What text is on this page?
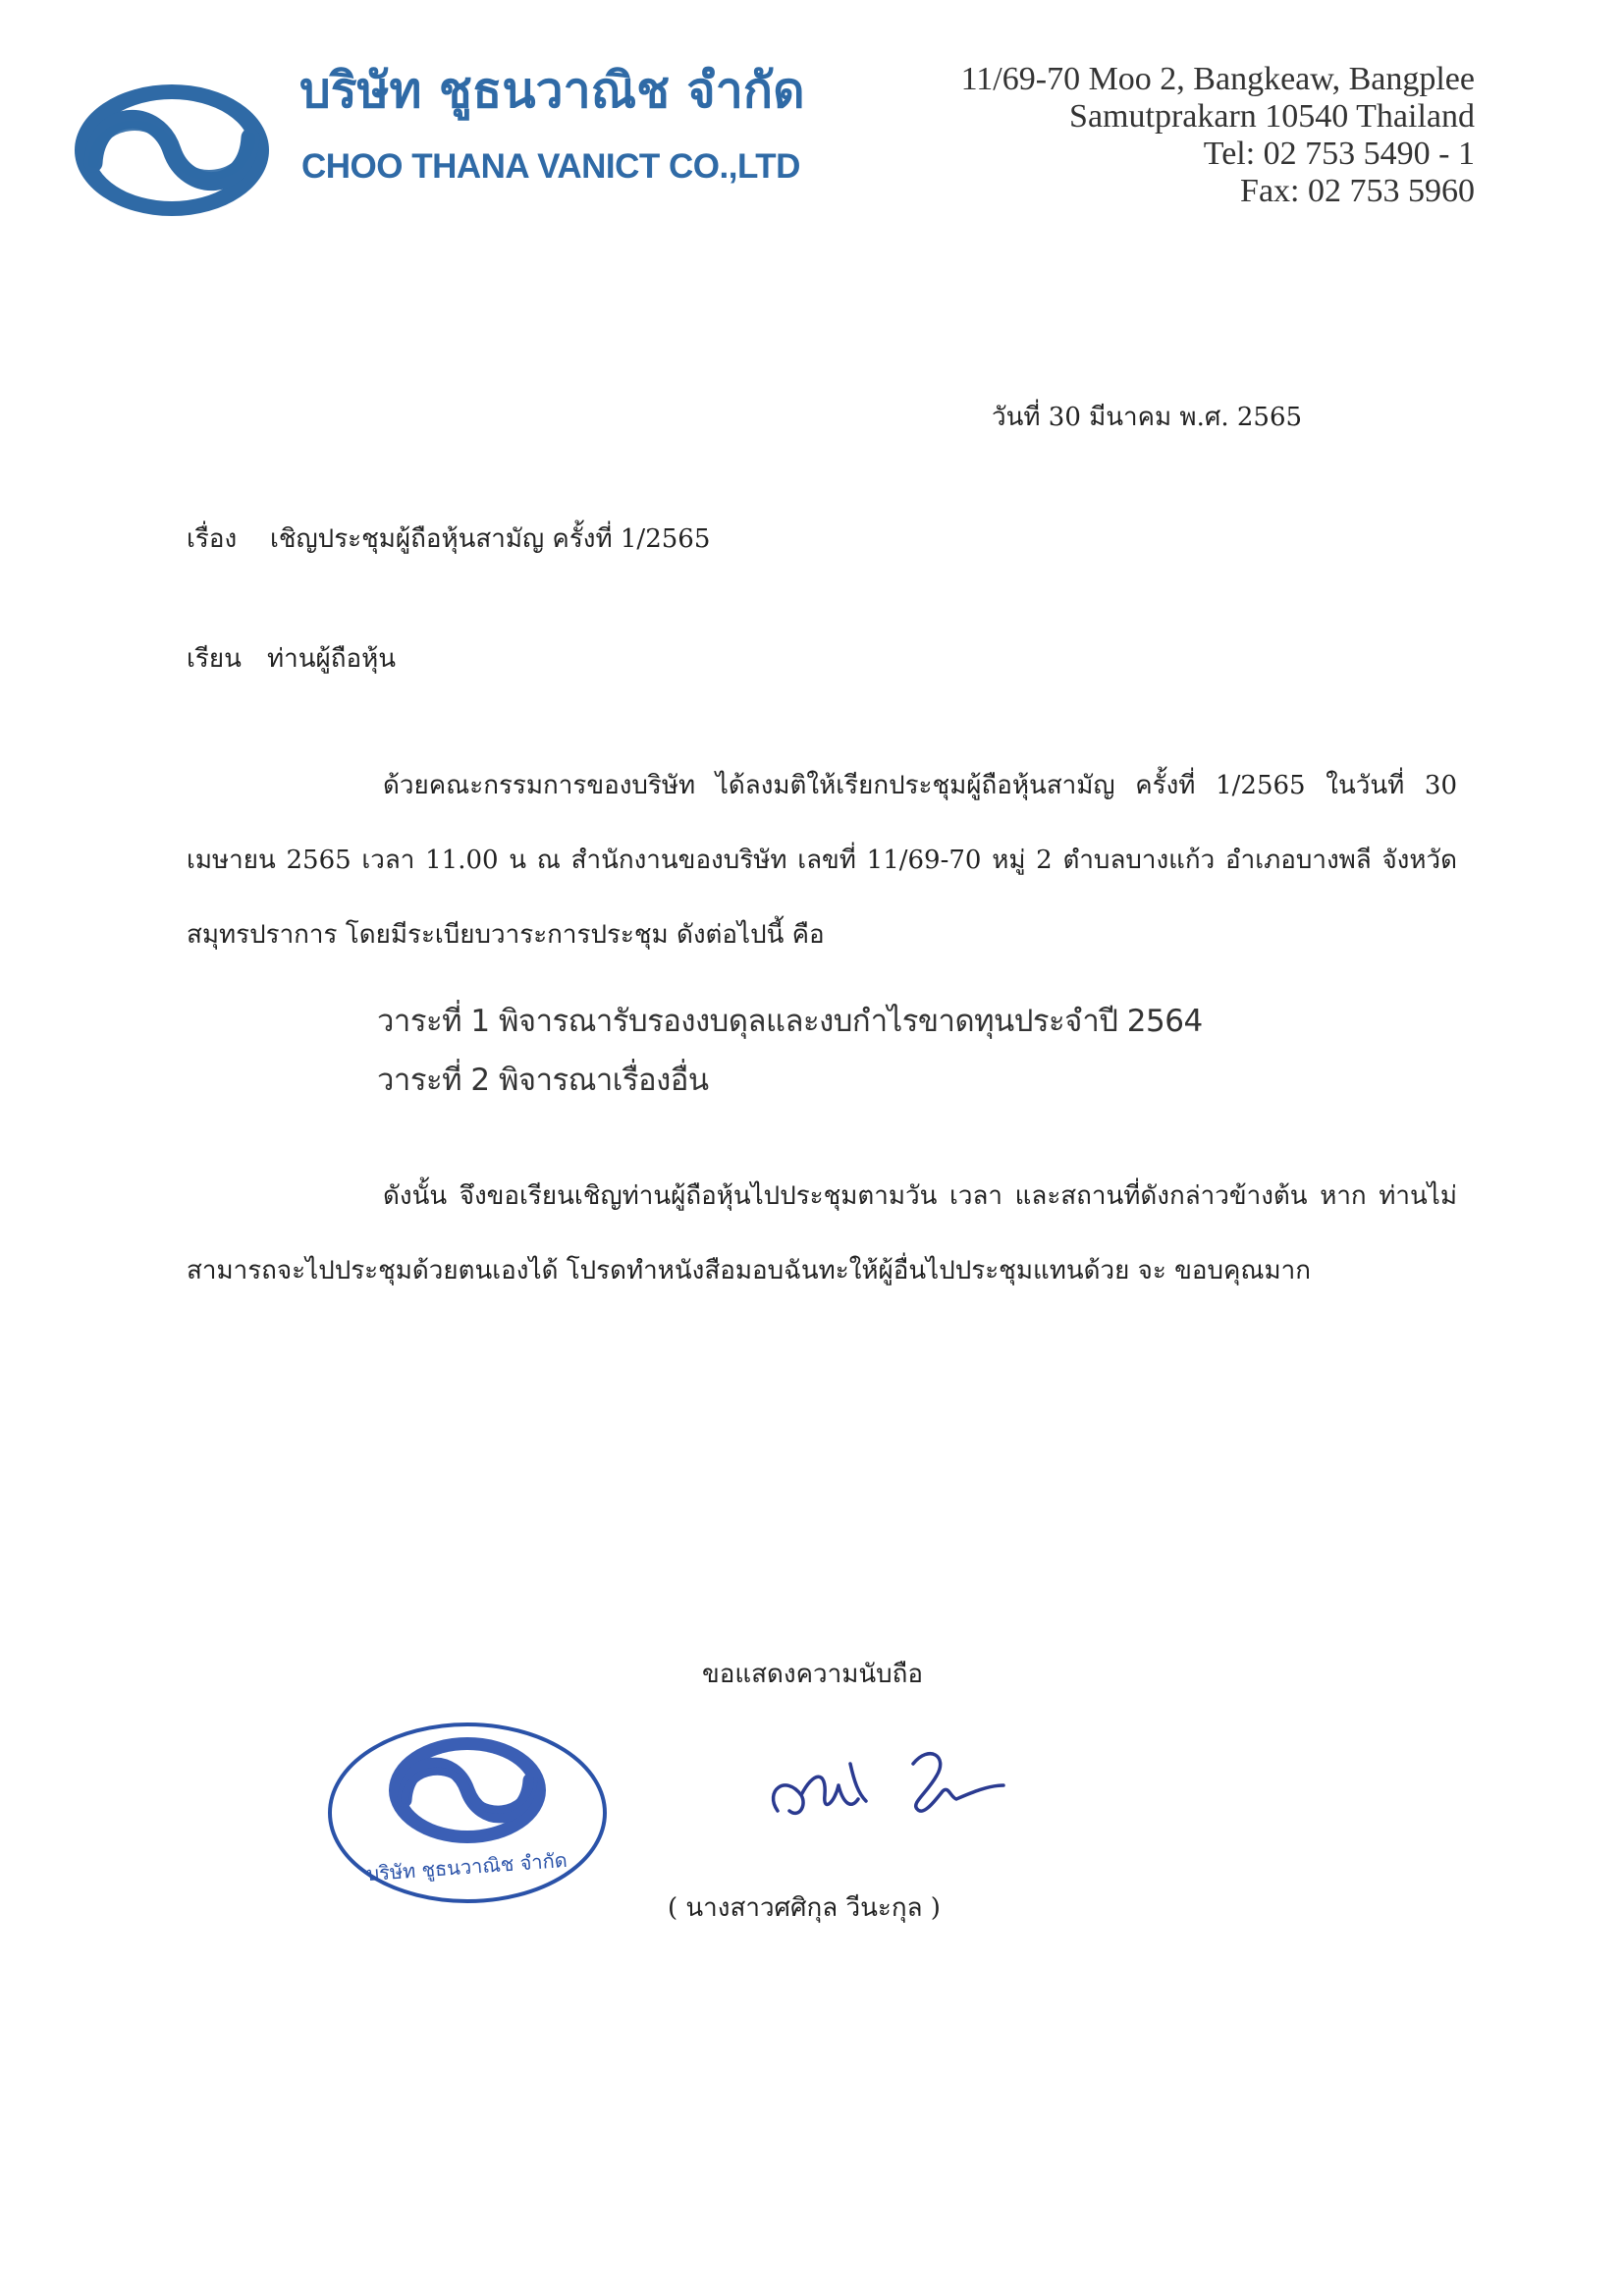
บริษัท ชูธนวาณิช จำกัด
CHOO THANA VANICT CO.,LTD
11/69-70 Moo 2, Bangkeaw, Bangplee
Samutprakarn 10540 Thailand
Tel: 02 753 5490 - 1
Fax: 02 753 5960
วันที่ 30 มีนาคม พ.ศ. 2565
เรื่อง เชิญประชุมผู้ถือหุ้นสามัญ ครั้งที่ 1/2565
เรียน ท่านผู้ถือหุ้น
ด้วยคณะกรรมการของบริษัท ได้ลงมติให้เรียกประชุมผู้ถือหุ้นสามัญ ครั้งที่ 1/2565 ในวันที่ 30 เมษายน 2565 เวลา 11.00 น ณ สำนักงานของบริษัท เลขที่ 11/69-70 หมู่ 2 ตำบลบางแก้ว อำเภอบางพลี จังหวัดสมุทรปราการ โดยมีระเบียบวาระการประชุม ดังต่อไปนี้ คือ
วาระที่ 1 พิจารณารับรองงบดุลและงบกำไรขาดทุนประจำปี 2564
วาระที่ 2 พิจารณาเรื่องอื่น
ดังนั้น จึงขอเรียนเชิญท่านผู้ถือหุ้นไปประชุมตามวัน เวลา และสถานที่ดังกล่าวข้างต้น หาก ท่านไม่สามารถจะไปประชุมด้วยตนเองได้ โปรดทำหนังสือมอบฉันทะให้ผู้อื่นไปประชุมแทนด้วย จะ ขอบคุณมาก
ขอแสดงความนับถือ
บริษัท ชูธนวาณิช จำกัด
( นางสาวศศิกุล วีนะกุล )
